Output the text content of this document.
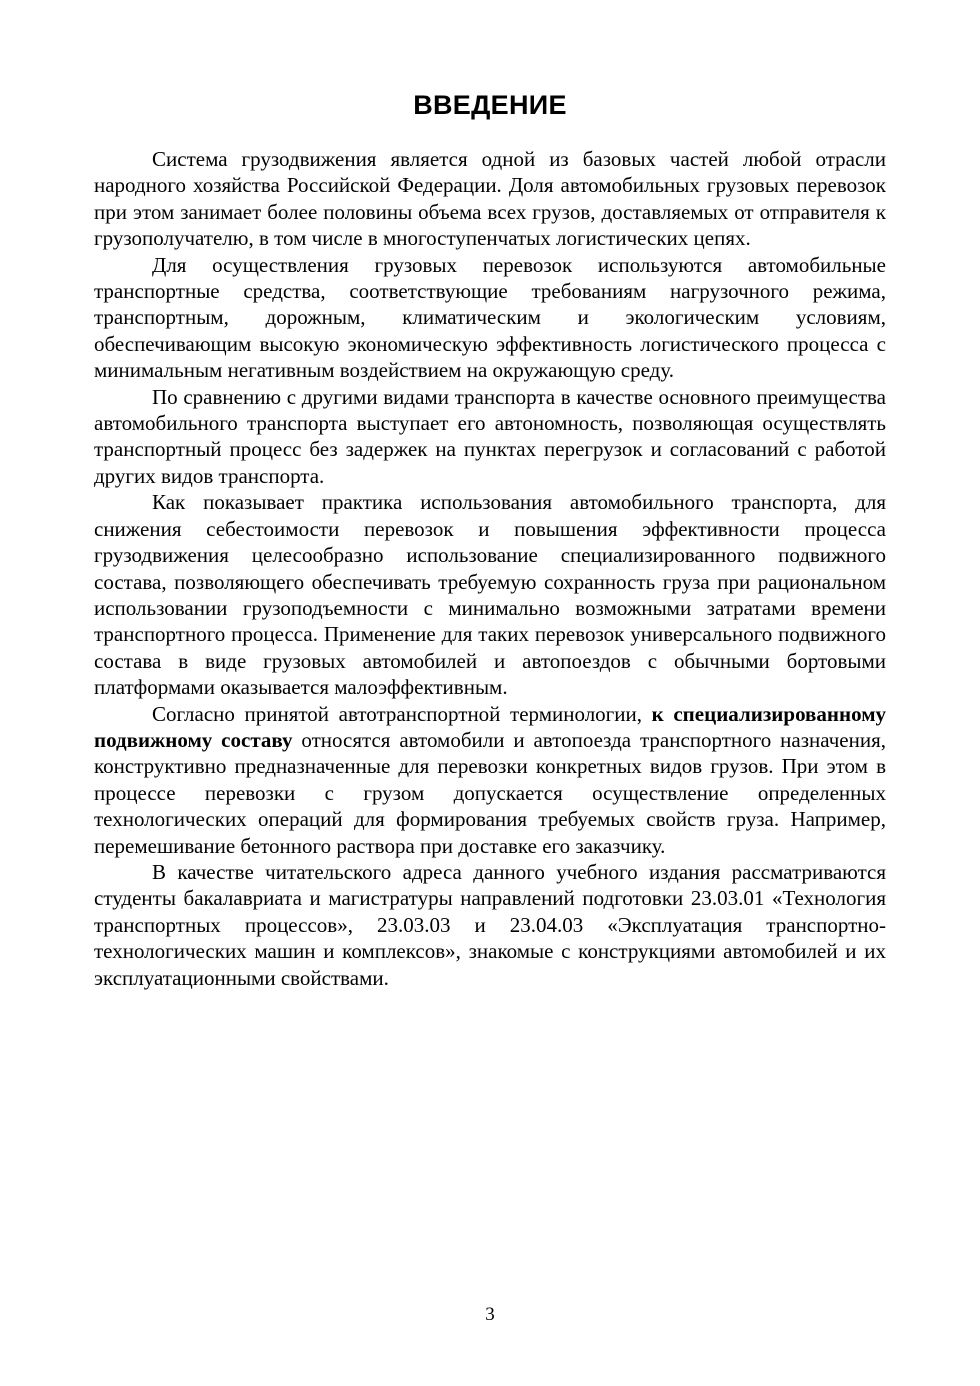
ВВЕДЕНИЕ

Система грузодвижения является одной из базовых частей любой отрасли народного хозяйства Российской Федерации. Доля автомобильных грузовых перевозок при этом занимает более половины объема всех грузов, доставляемых от отправителя к грузополучателю, в том числе в многоступенчатых логистических цепях.

Для осуществления грузовых перевозок используются автомобильные транспортные средства, соответствующие требованиям нагрузочного режима, транспортным, дорожным, климатическим и экологическим условиям, обеспечивающим высокую экономическую эффективность логистического процесса с минимальным негативным воздействием на окружающую среду.

По сравнению с другими видами транспорта в качестве основного преимущества автомобильного транспорта выступает его автономность, позволяющая осуществлять транспортный процесс без задержек на пунктах перегрузок и согласований с работой других видов транспорта.

Как показывает практика использования автомобильного транспорта, для снижения себестоимости перевозок и повышения эффективности процесса грузодвижения целесообразно использование специализированного подвижного состава, позволяющего обеспечивать требуемую сохранность груза при рациональном использовании грузоподъемности с минимально возможными затратами времени транспортного процесса. Применение для таких перевозок универсального подвижного состава в виде грузовых автомобилей и автопоездов с обычными бортовыми платформами оказывается малоэффективным.

Согласно принятой автотранспортной терминологии, к специализированному подвижному составу относятся автомобили и автопоезда транспортного назначения, конструктивно предназначенные для перевозки конкретных видов грузов. При этом в процессе перевозки с грузом допускается осуществление определенных технологических операций для формирования требуемых свойств груза. Например, перемешивание бетонного раствора при доставке его заказчику.

В качестве читательского адреса данного учебного издания рассматриваются студенты бакалавриата и магистратуры направлений подготовки 23.03.01 «Технология транспортных процессов», 23.03.03 и 23.04.03 «Эксплуатация транспортно-технологических машин и комплексов», знакомые с конструкциями автомобилей и их эксплуатационными свойствами.

3
